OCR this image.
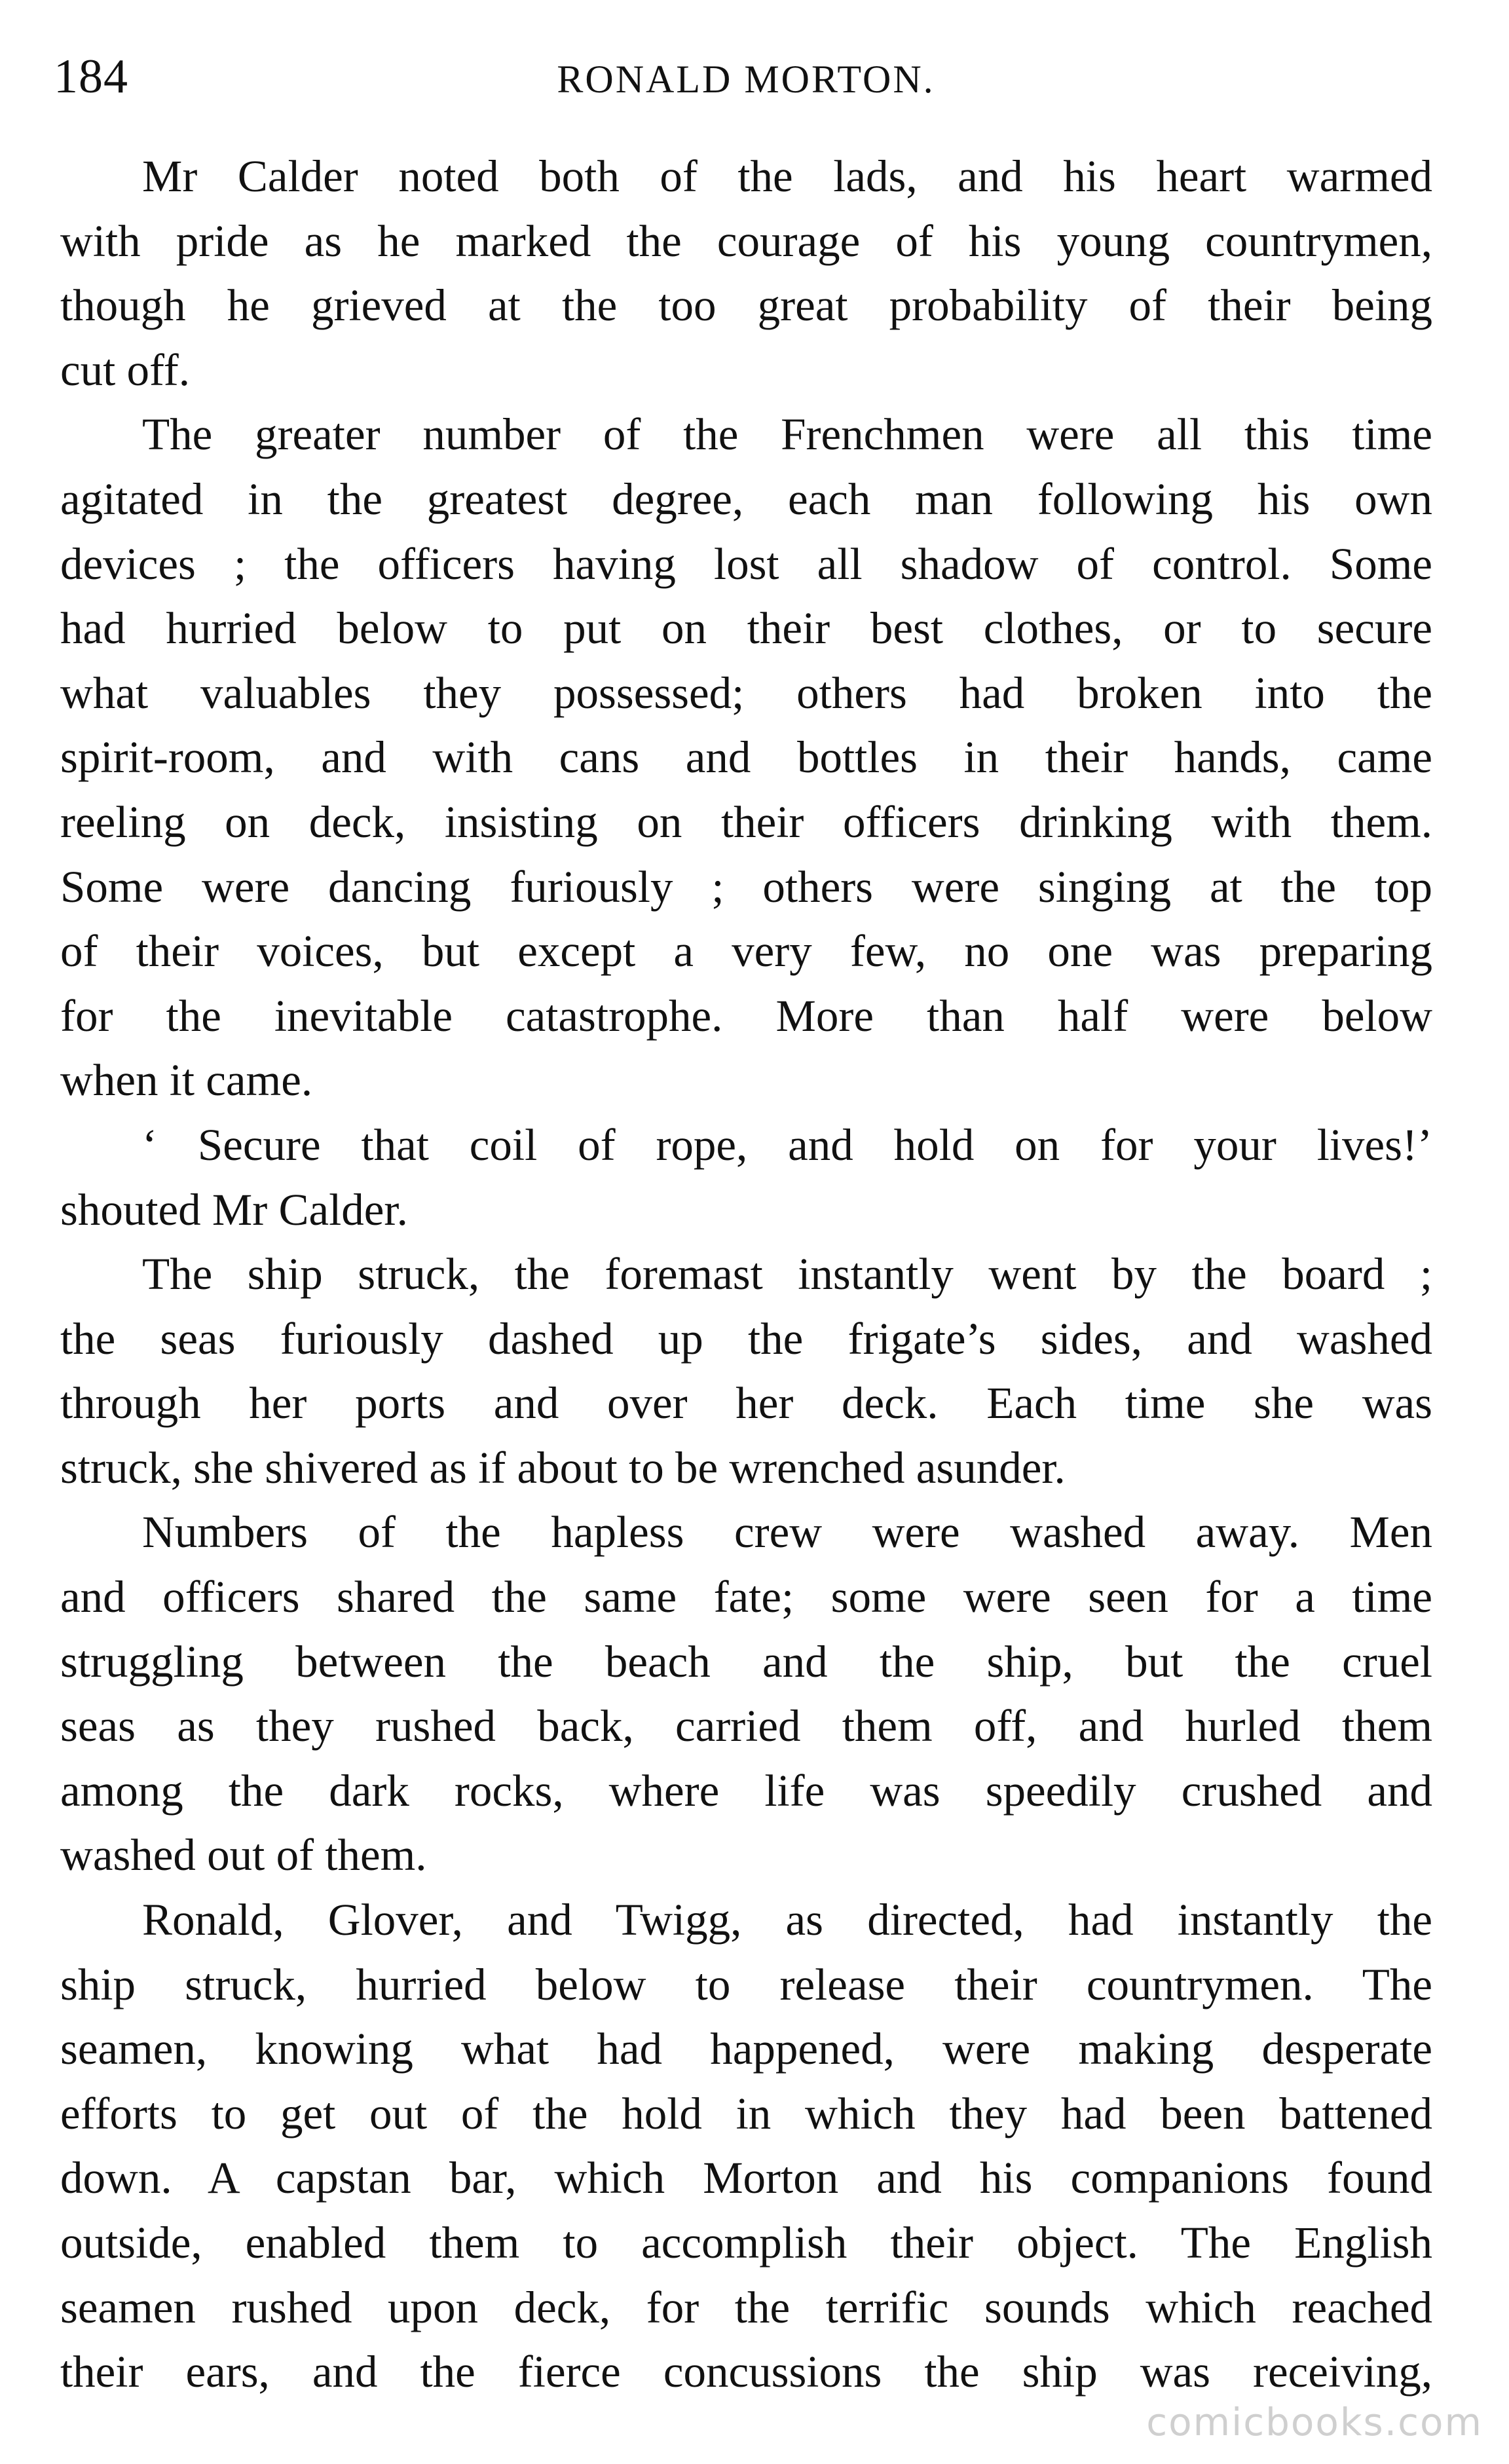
184	RONALD MORTON.

Mr Calder noted both of the lads, and his heart warmed
with pride as he marked the courage of his young countrymen,
though he grieved at the too great probability of their being
cut off.

The greater number of the Frenchmen were all this time
agitated in the greatest degree, each man following his own
devices ; the officers having lost all shadow of control. Some
had hurried below to put on their best clothes, or to secure
what valuables they possessed; others had broken into the
spirit-room, and with cans and bottles in their hands, came
reeling on deck, insisting on their officers drinking with them.
Some were dancing furiously ; others were singing at the top
of their voices, but except a very few, no one was preparing
for the inevitable catastrophe. More than half were below
when it came.

‘ Secure that coil of rope, and hold on for your lives!’
shouted Mr Calder.

The ship struck, the foremast instantly went by the board ;
the seas furiously dashed up the frigate’s sides, and washed
through her ports and over her deck. Each time she was
struck, she shivered as if about to be wrenched asunder.

Numbers of the hapless crew were washed away. Men
and officers shared the same fate; some were seen for a time
struggling between the beach and the ship, but the cruel
seas as they rushed back, carried them off, and hurled them
among the dark rocks, where life was speedily crushed and
washed out of them.

Ronald, Glover, and Twigg, as directed, had instantly the
ship struck, hurried below to release their countrymen. The
seamen, knowing what had happened, were making desperate
efforts to get out of the hold in which they had been battened
down. A capstan bar, which Morton and his companions found
outside, enabled them to accomplish their object. The English
seamen rushed upon deck, for the terrific sounds which reached
their ears, and the fierce concussions the ship was receiving,

comicbooks.com
